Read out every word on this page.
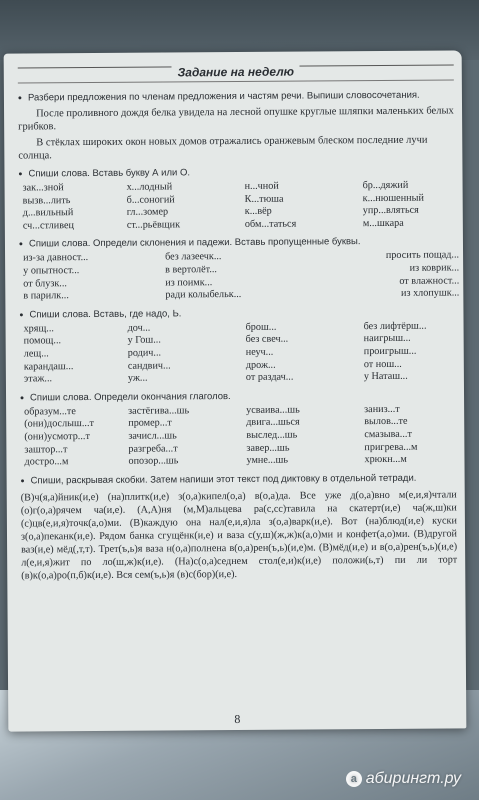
Задание на неделю
• Разбери предложения по членам предложения и частям речи. Выпиши словосочетания.

После проливного дождя белка увидела на лесной опушке круглые шляпки маленьких белых грибков.

В стёклах широких окон новых домов отражались оранжевым блеском последние лучи солнца.

• Спиши слова. Вставь букву А или О.
зак...зной	х...лодный	н...чной	бр...дяжий
вызв...лить	б...соногий	К...тюша	к...нюшенный
д...вильный	гл...зомер	к...вёр	упр...вляться
сч...стливец	ст...рьёвщик	обм...таться	м...шкара
• Спиши слова. Определи склонения и падежи. Вставь пропущенные буквы.
из-за давност...	без лазеечк...	просить пощад...
у опытност...	в вертолёт...	из коврик...
от блузк...	из поимк...	от влажност...
в парилк...	ради колыбельк...	из хлопушк...
• Спиши слова. Вставь, где надо, Ь.
хрящ...	доч...	брош...	без лифтёрш...
помощ...	у Гош...	без свеч...	наигрыш...
лещ...	родич...	неуч...	проигрыш...
карандаш...	сандвич...	дрож...	от нош...
этаж...	уж...	от раздач...	у Наташ...
• Спиши слова. Определи окончания глаголов.
образум...те	застёгива...шь	усваива...шь	заниз...т
(они)дослыш...т	промер...т	двига...шься	вылов...те
(они)усмотр...т	зачисл...шь	выслед...шь	смазыва...т
заштор...т	разгреба...т	завер...шь	пригрева...м
достро...м	опозор...шь	умне...шь	хрюкн...м
• Спиши, раскрывая скобки. Затем напиши этот текст под диктовку в отдельной тетради.
(В)ч(я,а)йник(и,е) (на)плитк(и,е) з(о,а)кипел(о,а) в(о,а)да. Все уже д(о,а)вно м(е,и,я)чтали (о)г(о,а)рячем ча(и,е). (А,А)ня (м,М)альцева ра(с,сс)тавила на скатерт(и,е) ча(ж,ш)ки (с)цв(е,и,я)точк(а,о)ми. (В)каждую она нал(е,и,я)ла з(о,а)варк(и,е). Вот (на)блюд(и,е) куски з(о,а)пеканк(и,е). Рядом банка сгущёнк(и,е) и ваза с(у,ш)(ж,ж)к(а,о)ми и конфет(а,о)ми. (В)другой ваз(и,е) мёд(,т,т). Трет(ъ,ь)я ваза н(о,а)полнена в(о,а)рен(ъ,ь)(и,е)м. (В)мёд(и,е) и в(о,а)рен(ъ,ь)(и,е) л(е,и,я)жит по ло(ш,ж)к(и,е). (На)с(о,а)седнем стол(е,и)к(и,е) положи(ь,т) пи ли торт (в)к(о,а)ро(п,б)к(и,е). Вся сем(ъ,ь)я (в)с(бор)(и,е).
8
a абирингт.ру
